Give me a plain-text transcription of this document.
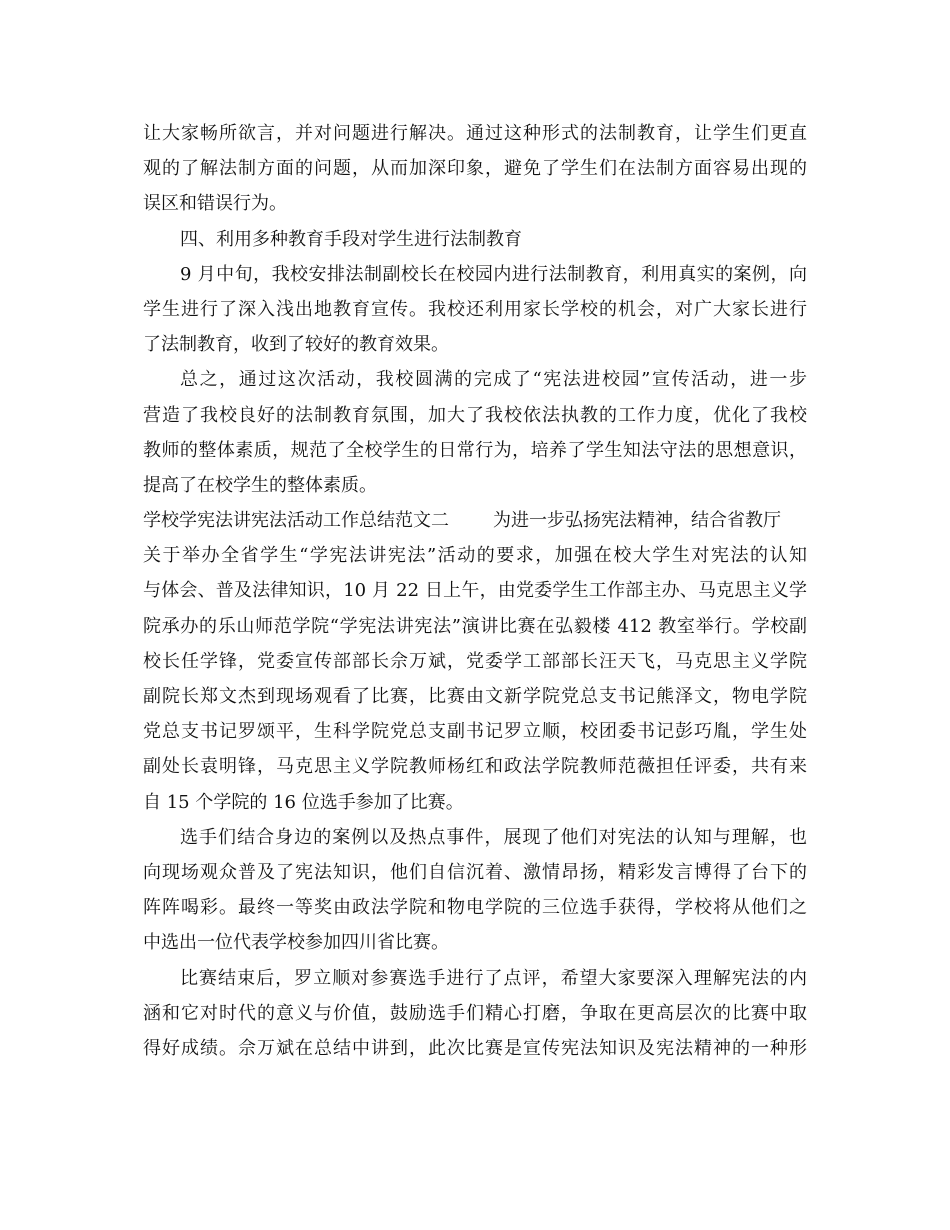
让大家畅所欲言，并对问题进行解决。通过这种形式的法制教育，让学生们更直
观的了解法制方面的问题，从而加深印象，避免了学生们在法制方面容易出现的
误区和错误行为。
四、利用多种教育手段对学生进行法制教育
9 月中旬，我校安排法制副校长在校园内进行法制教育，利用真实的案例，向
学生进行了深入浅出地教育宣传。我校还利用家长学校的机会，对广大家长进行
了法制教育，收到了较好的教育效果。
总之，通过这次活动，我校圆满的完成了“宪法进校园”宣传活动，进一步
营造了我校良好的法制教育氛围，加大了我校依法执教的工作力度，优化了我校
教师的整体素质，规范了全校学生的日常行为，培养了学生知法守法的思想意识，
提高了在校学生的整体素质。
学校学宪法讲宪法活动工作总结范文二 为进一步弘扬宪法精神，结合省教厅
关于举办全省学生“学宪法讲宪法”活动的要求，加强在校大学生对宪法的认知
与体会、普及法律知识，10 月 22 日上午，由党委学生工作部主办、马克思主义学
院承办的乐山师范学院“学宪法讲宪法”演讲比赛在弘毅楼 412 教室举行。学校副
校长任学锋，党委宣传部部长佘万斌，党委学工部部长汪天飞，马克思主义学院
副院长郑文杰到现场观看了比赛，比赛由文新学院党总支书记熊泽文，物电学院
党总支书记罗颂平，生科学院党总支副书记罗立顺，校团委书记彭巧胤，学生处
副处长袁明锋，马克思主义学院教师杨红和政法学院教师范薇担任评委，共有来
自 15 个学院的 16 位选手参加了比赛。
选手们结合身边的案例以及热点事件，展现了他们对宪法的认知与理解，也
向现场观众普及了宪法知识，他们自信沉着、激情昂扬，精彩发言博得了台下的
阵阵喝彩。最终一等奖由政法学院和物电学院的三位选手获得，学校将从他们之
中选出一位代表学校参加四川省比赛。
比赛结束后，罗立顺对参赛选手进行了点评，希望大家要深入理解宪法的内
涵和它对时代的意义与价值，鼓励选手们精心打磨，争取在更高层次的比赛中取
得好成绩。佘万斌在总结中讲到，此次比赛是宣传宪法知识及宪法精神的一种形
